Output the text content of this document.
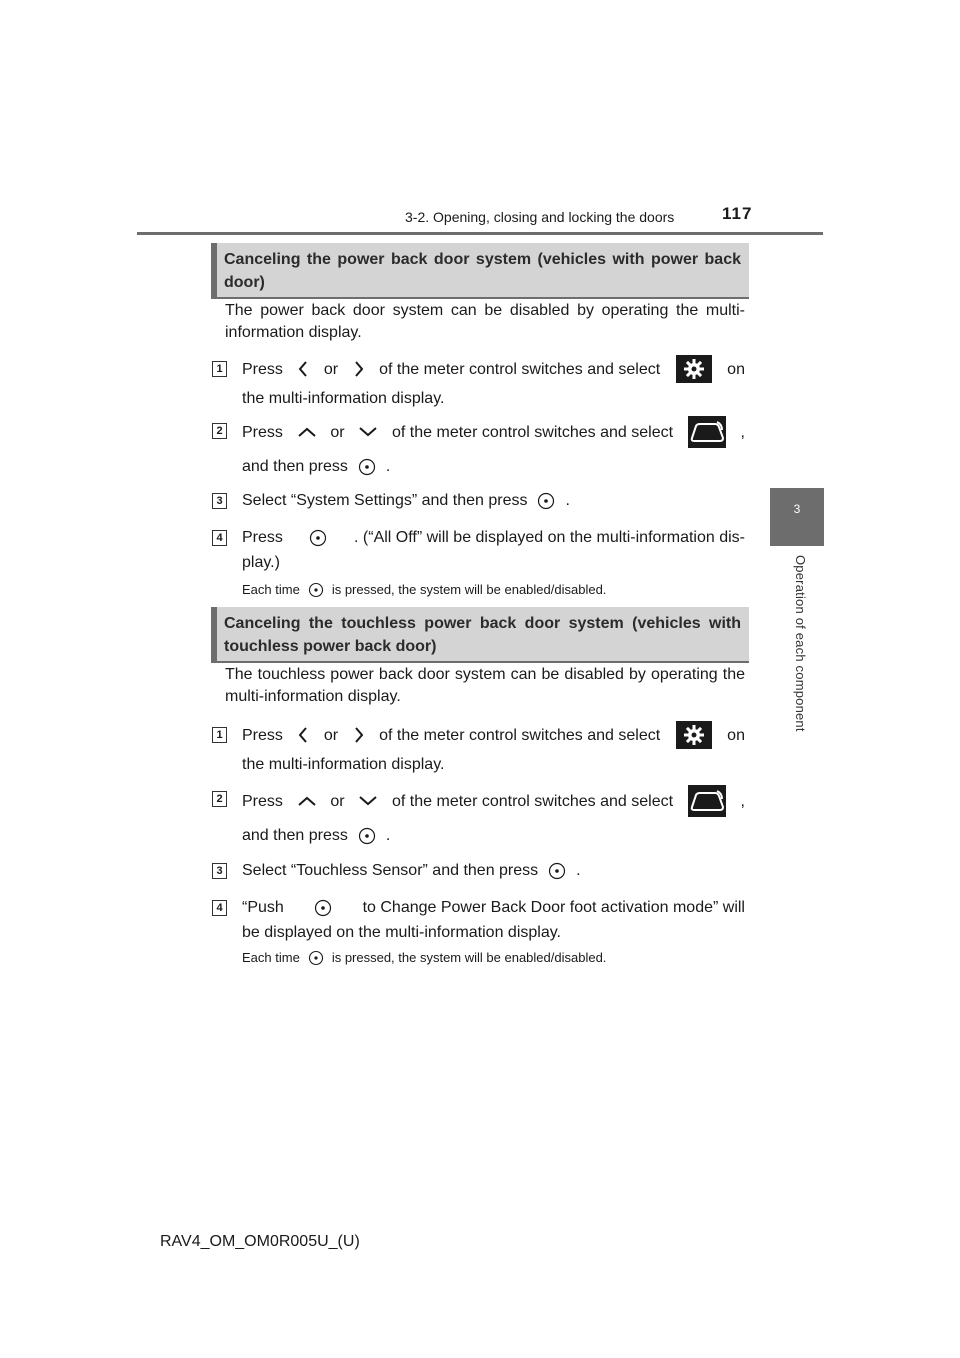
3-2. Opening, closing and locking the doors	117
3
Operation of each component
Canceling the power back door system (vehicles with power back door)
The power back door system can be disabled by operating the multi-information display.
1 Press	or	of the meter control switches and select	on
the multi-information display.
2 Press	or	of the meter control switches and select	,
and then press .
3 Select “System Settings” and then press .
4 Press	. (“All Off” will be displayed on the multi-information dis-
play.)
Each time is pressed, the system will be enabled/disabled.
Canceling the touchless power back door system (vehicles with touchless power back door)
The touchless power back door system can be disabled by operating the multi-information display.
1 Press	or	of the meter control switches and select	on
the multi-information display.
2 Press	or	of the meter control switches and select	,
and then press .
3 Select “Touchless Sensor” and then press .
4 “Push	to Change Power Back Door foot activation mode” will
be displayed on the multi-information display.
Each time is pressed, the system will be enabled/disabled.
RAV4_OM_OM0R005U_(U)
